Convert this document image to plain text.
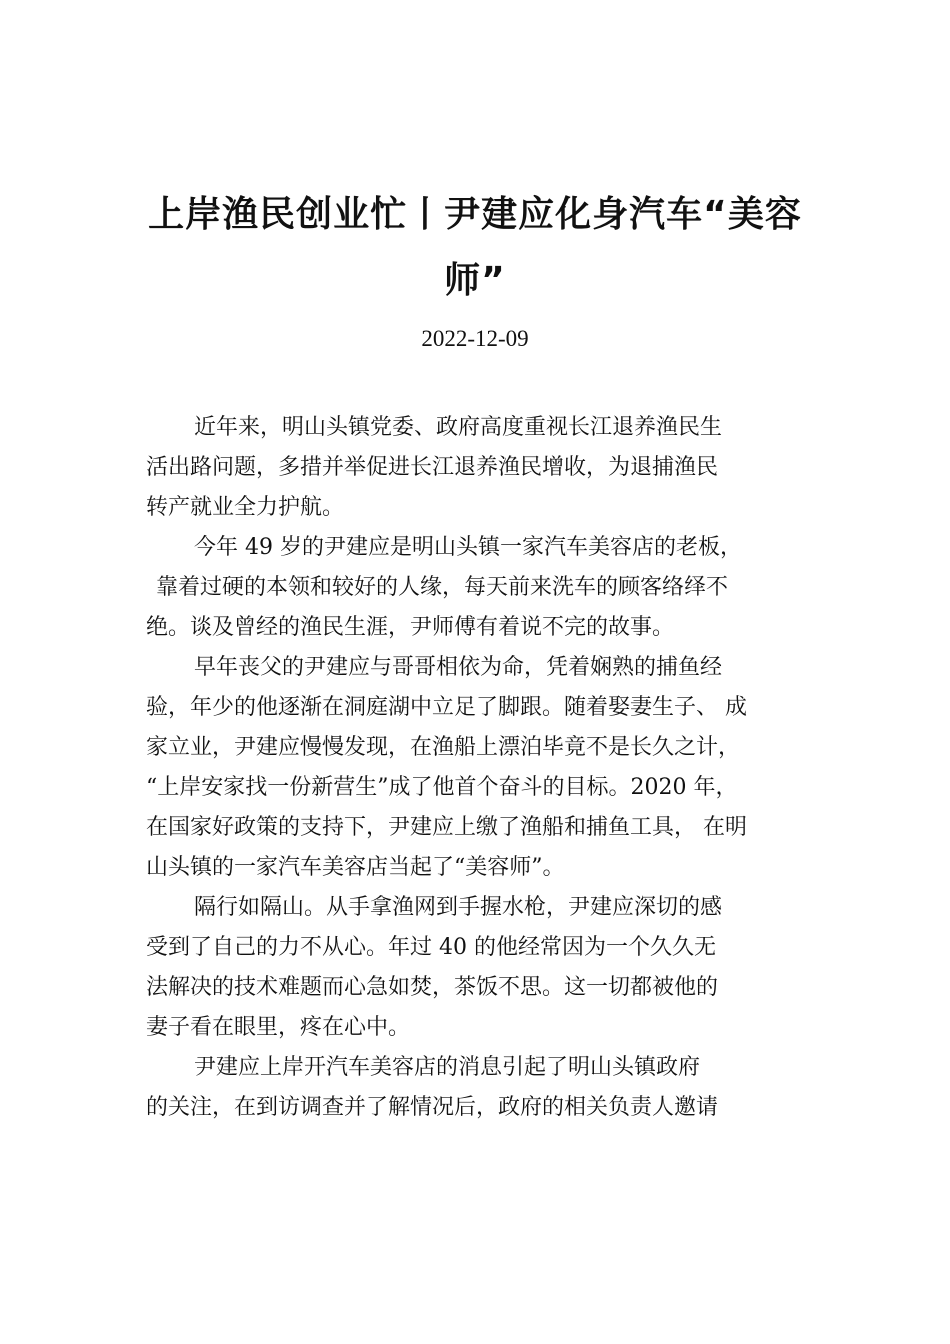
上岸渔民创业忙丨尹建应化身汽车“美容
师”
2022-12-09
近年来，明山头镇党委、政府高度重视长江退养渔民生
活出路问题，多措并举促进长江退养渔民增收，为退捕渔民
转产就业全力护航。
今年 49 岁的尹建应是明山头镇一家汽车美容店的老板，
靠着过硬的本领和较好的人缘，每天前来洗车的顾客络绎不
绝。谈及曾经的渔民生涯，尹师傅有着说不完的故事。
早年丧父的尹建应与哥哥相依为命，凭着娴熟的捕鱼经
验，年少的他逐渐在洞庭湖中立足了脚跟。随着娶妻生子、 成
家立业，尹建应慢慢发现，在渔船上漂泊毕竟不是长久之计，
“上岸安家找一份新营生”成了他首个奋斗的目标。2020 年，
在国家好政策的支持下，尹建应上缴了渔船和捕鱼工具， 在明
山头镇的一家汽车美容店当起了“美容师”。
隔行如隔山。从手拿渔网到手握水枪，尹建应深切的感
受到了自己的力不从心。年过 40 的他经常因为一个久久无
法解决的技术难题而心急如焚，茶饭不思。这一切都被他的
妻子看在眼里，疼在心中。
尹建应上岸开汽车美容店的消息引起了明山头镇政府
的关注，在到访调查并了解情况后，政府的相关负责人邀请
